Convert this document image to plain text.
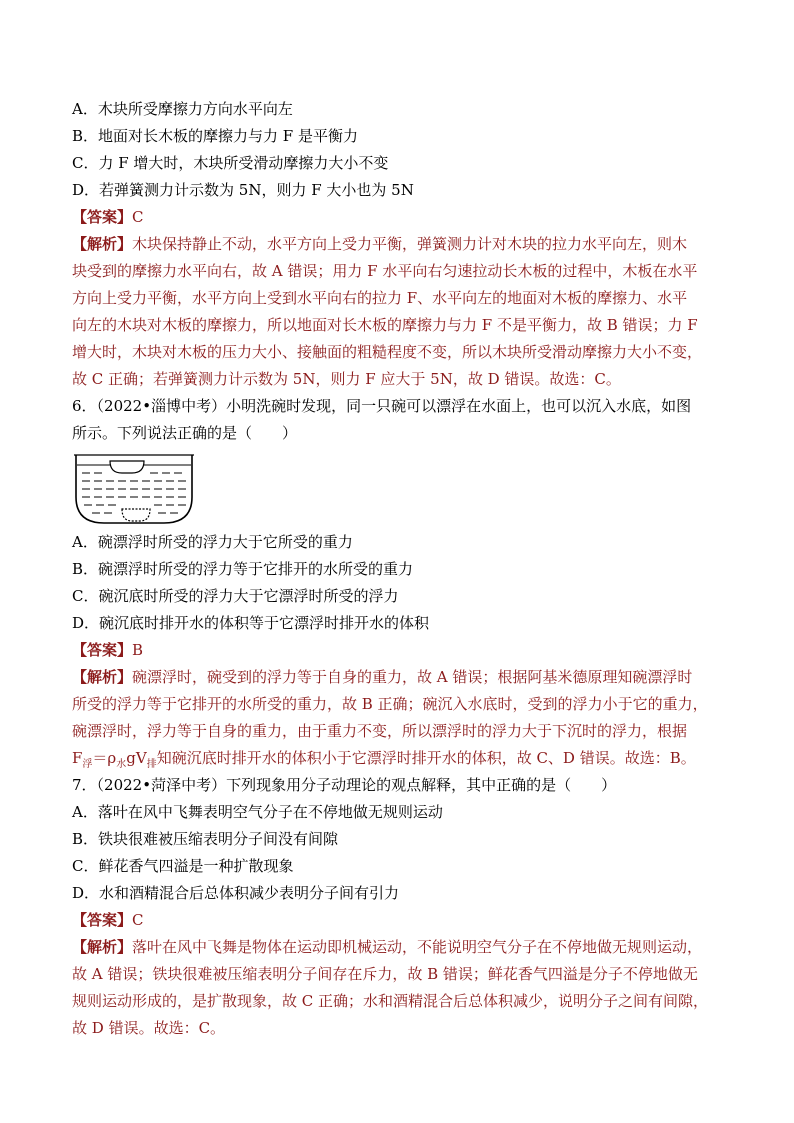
A．木块所受摩擦力方向水平向左
B．地面对长木板的摩擦力与力 F 是平衡力
C．力 F 增大时，木块所受滑动摩擦力大小不变
D．若弹簧测力计示数为 5N，则力 F 大小也为 5N
【答案】C
【解析】木块保持静止不动，水平方向上受力平衡，弹簧测力计对木块的拉力水平向左，则木
块受到的摩擦力水平向右，故 A 错误；用力 F 水平向右匀速拉动长木板的过程中，木板在水平
方向上受力平衡，水平方向上受到水平向右的拉力 F、水平向左的地面对木板的摩擦力、水平
向左的木块对木板的摩擦力，所以地面对长木板的摩擦力与力 F 不是平衡力，故 B 错误；力 F
增大时，木块对木板的压力大小、接触面的粗糙程度不变，所以木块所受滑动摩擦力大小不变，
故 C 正确；若弹簧测力计示数为 5N，则力 F 应大于 5N，故 D 错误。故选：C。
6．（2022•淄博中考）小明洗碗时发现，同一只碗可以漂浮在水面上，也可以沉入水底，如图
所示。下列说法正确的是（　　）
A．碗漂浮时所受的浮力大于它所受的重力
B．碗漂浮时所受的浮力等于它排开的水所受的重力
C．碗沉底时所受的浮力大于它漂浮时所受的浮力
D．碗沉底时排开水的体积等于它漂浮时排开水的体积
【答案】B
【解析】碗漂浮时，碗受到的浮力等于自身的重力，故 A 错误；根据阿基米德原理知碗漂浮时
所受的浮力等于它排开的水所受的重力，故 B 正确；碗沉入水底时，受到的浮力小于它的重力，
碗漂浮时，浮力等于自身的重力，由于重力不变，所以漂浮时的浮力大于下沉时的浮力，根据
$F_浮=\rho_水gV_排$知碗沉底时排开水的体积小于它漂浮时排开水的体积，故 C、D 错误。故选：B。
7．（2022•菏泽中考）下列现象用分子动理论的观点解释，其中正确的是（　　）
A．落叶在风中飞舞表明空气分子在不停地做无规则运动
B．铁块很难被压缩表明分子间没有间隙
C．鲜花香气四溢是一种扩散现象
D．水和酒精混合后总体积减少表明分子间有引力
【答案】C
【解析】落叶在风中飞舞是物体在运动即机械运动，不能说明空气分子在不停地做无规则运动，
故 A 错误；铁块很难被压缩表明分子间存在斥力，故 B 错误；鲜花香气四溢是分子不停地做无
规则运动形成的，是扩散现象，故 C 正确；水和酒精混合后总体积减少，说明分子之间有间隙，
故 D 错误。故选：C。
